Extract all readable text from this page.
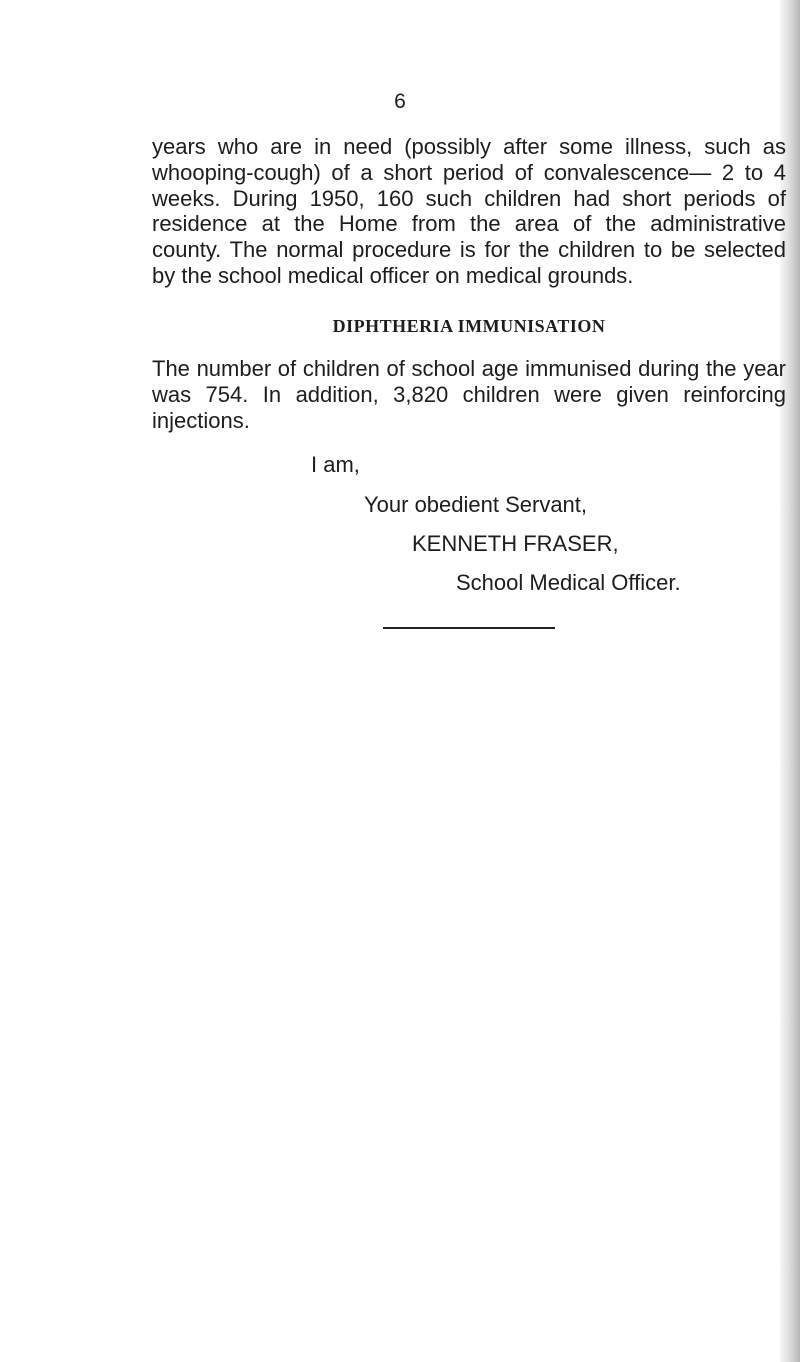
6

years who are in need (possibly after some illness, such as whooping-cough) of a short period of convalescence— 2 to 4 weeks. During 1950, 160 such children had short periods of residence at the Home from the area of the administrative county. The normal procedure is for the children to be selected by the school medical officer on medical grounds.

DIPHTHERIA IMMUNISATION

The number of children of school age immunised during the year was 754. In addition, 3,820 children were given reinforcing injections.

I am,
Your obedient Servant,
KENNETH FRASER,
School Medical Officer.
